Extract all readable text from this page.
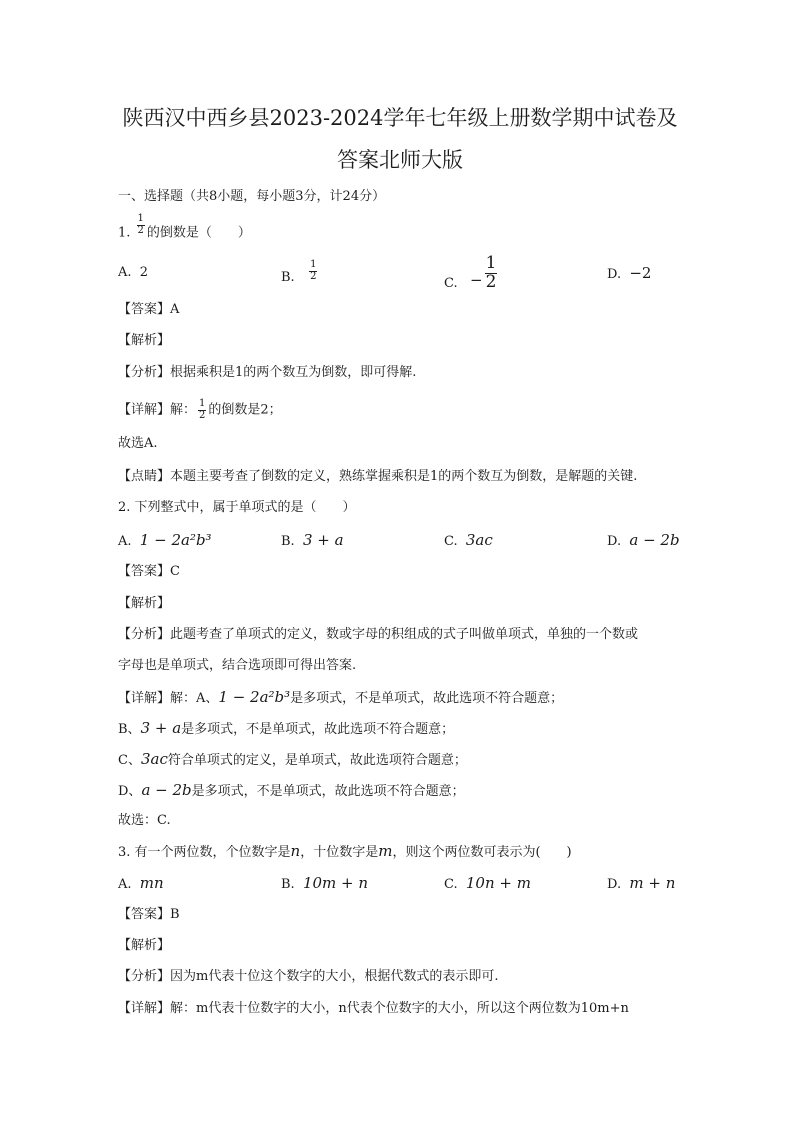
陕西汉中西乡县2023-2024学年七年级上册数学期中试卷及
答案北师大版
一、选择题（共8小题，每小题3分，计24分）
1. $\frac{1}{2}$ 的倒数是（　　）
A. 2	B. $\frac{1}{2}$
C. − $\frac{1}{2}$	D. −2
【答案】A
【解析】
【分析】根据乘积是1的两个数互为倒数，即可得解.
【详解】解： $\frac{1}{2}$ 的倒数是2；
故选A.
【点睛】本题主要考查了倒数的定义，熟练掌握乘积是1的两个数互为倒数，是解题的关键.
2. 下列整式中，属于单项式的是（　　）
A. 1 − 2a²b³	B. 3 + a	C. 3ac	D. a − 2b
【答案】C
【解析】
【分析】此题考查了单项式的定义，数或字母的积组成的式子叫做单项式，单独的一个数或
字母也是单项式，结合选项即可得出答案.
【详解】解：A、1 − 2a²b³是多项式，不是单项式，故此选项不符合题意；
B、3 + a是多项式，不是单项式，故此选项不符合题意；
C、3ac符合单项式的定义，是单项式，故此选项符合题意；
D、a − 2b是多项式，不是单项式，故此选项不符合题意；
故选：C.
3. 有一个两位数，个位数字是n，十位数字是m，则这个两位数可表示为(　　)
A. mn	B. 10m + n	C. 10n + m	D. m + n
【答案】B
【解析】
【分析】因为m代表十位这个数字的大小，根据代数式的表示即可.
【详解】解：m代表十位数字的大小，n代表个位数字的大小，所以这个两位数为10m+n
